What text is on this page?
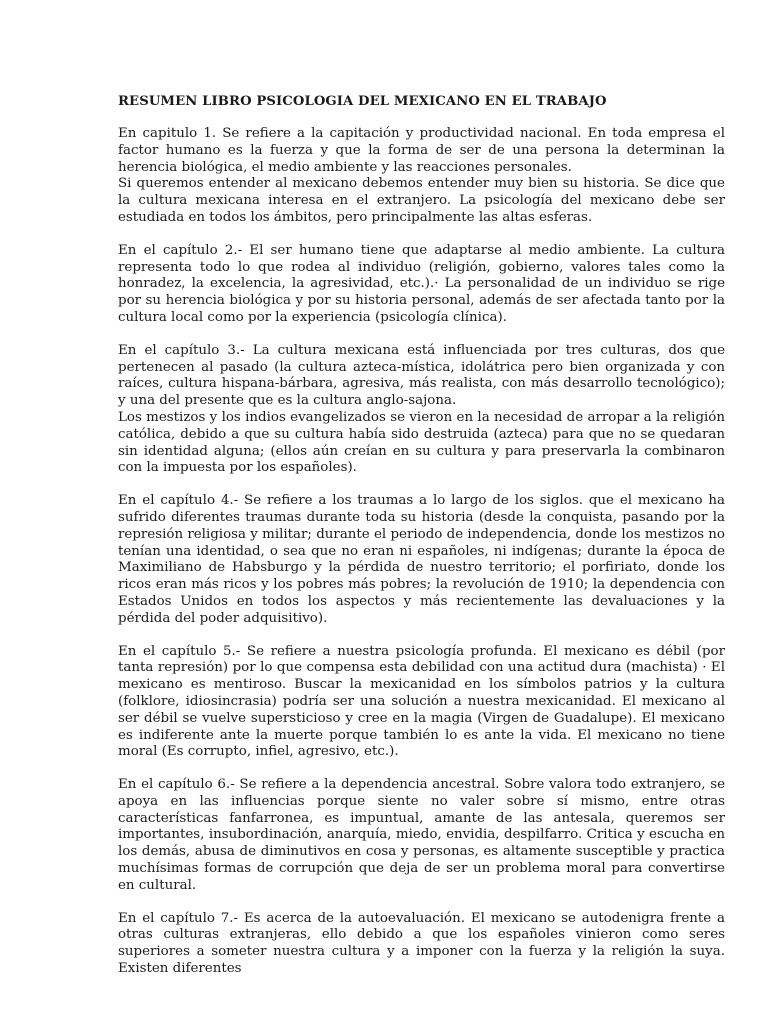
RESUMEN LIBRO PSICOLOGIA DEL MEXICANO EN EL TRABAJO

En capitulo 1. Se refiere a la capitación y productividad nacional. En toda empresa el factor humano es la fuerza y que la forma de ser de una persona la determinan la herencia biológica, el medio ambiente y las reacciones personales.

Si queremos entender al mexicano debemos entender muy bien su historia. Se dice que la cultura mexicana interesa en el extranjero. La psicología del mexicano debe ser estudiada en todos los ámbitos, pero principalmente las altas esferas.

En el capítulo 2.- El ser humano tiene que adaptarse al medio ambiente. La cultura representa todo lo que rodea al individuo (religión, gobierno, valores tales como la honradez, la excelencia, la agresividad, etc.).· La personalidad de un individuo se rige por su herencia biológica y por su historia personal, además de ser afectada tanto por la cultura local como por la experiencia (psicología clínica).

En el capítulo 3.- La cultura mexicana está influenciada por tres culturas, dos que pertenecen al pasado (la cultura azteca-mística, idolátrica pero bien organizada y con raíces, cultura hispana-bárbara, agresiva, más realista, con más desarrollo tecnológico); y una del presente que es la cultura anglo-sajona.

Los mestizos y los indios evangelizados se vieron en la necesidad de arropar a la religión católica, debido a que su cultura había sido destruida (azteca) para que no se quedaran sin identidad alguna; (ellos aún creían en su cultura y para preservarla la combinaron con la impuesta por los españoles).

En el capítulo 4.- Se refiere a los traumas a lo largo de los siglos. que el mexicano ha sufrido diferentes traumas durante toda su historia (desde la conquista, pasando por la represión religiosa y militar; durante el periodo de independencia, donde los mestizos no tenían una identidad, o sea que no eran ni españoles, ni indígenas; durante la época de Maximiliano de Habsburgo y la pérdida de nuestro territorio; el porfiriato, donde los ricos eran más ricos y los pobres más pobres; la revolución de 1910; la dependencia con Estados Unidos en todos los aspectos y más recientemente las devaluaciones y la pérdida del poder adquisitivo).

En el capítulo 5.- Se refiere a nuestra psicología profunda. El mexicano es débil (por tanta represión) por lo que compensa esta debilidad con una actitud dura (machista) · El mexicano es mentiroso. Buscar la mexicanidad en los símbolos patrios y la cultura (folklore, idiosincrasia) podría ser una solución a nuestra mexicanidad. El mexicano al ser débil se vuelve supersticioso y cree en la magia (Virgen de Guadalupe). El mexicano es indiferente ante la muerte porque también lo es ante la vida. El mexicano no tiene moral (Es corrupto, infiel, agresivo, etc.).

En el capítulo 6.- Se refiere a la dependencia ancestral. Sobre valora todo extranjero, se apoya en las influencias porque siente no valer sobre sí mismo, entre otras características fanfarronea, es impuntual, amante de las antesala, queremos ser importantes, insubordinación, anarquía, miedo, envidia, despilfarro. Critica y escucha en los demás, abusa de diminutivos en cosa y personas, es altamente susceptible y practica muchísimas formas de corrupción que deja de ser un problema moral para convertirse en cultural.

En el capítulo 7.- Es acerca de la autoevaluación. El mexicano se autodenigra frente a otras culturas extranjeras, ello debido a que los españoles vinieron como seres superiores a someter nuestra cultura y a imponer con la fuerza y la religión la suya. Existen diferentes
